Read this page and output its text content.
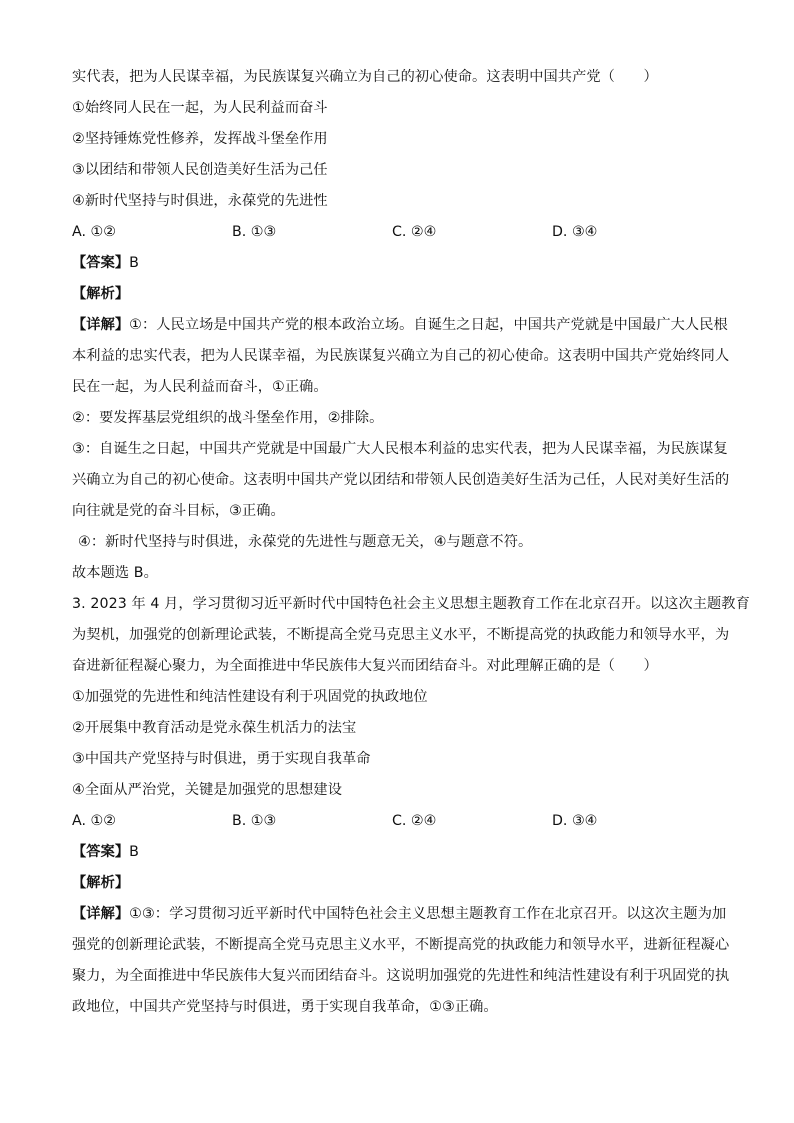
实代表，把为人民谋幸福，为民族谋复兴确立为自己的初心使命。这表明中国共产党（　　）
①始终同人民在一起，为人民利益而奋斗
②坚持锤炼党性修养，发挥战斗堡垒作用
③以团结和带领人民创造美好生活为己任
④新时代坚持与时俱进，永葆党的先进性
A. ①②	B. ①③	C. ②④	D. ③④
【答案】B
【解析】
【详解】①：人民立场是中国共产党的根本政治立场。自诞生之日起，中国共产党就是中国最广大人民根
本利益的忠实代表，把为人民谋幸福，为民族谋复兴确立为自己的初心使命。这表明中国共产党始终同人
民在一起，为人民利益而奋斗，①正确。
②：要发挥基层党组织的战斗堡垒作用，②排除。
③：自诞生之日起，中国共产党就是中国最广大人民根本利益的忠实代表，把为人民谋幸福，为民族谋复
兴确立为自己的初心使命。这表明中国共产党以团结和带领人民创造美好生活为己任，人民对美好生活的
向往就是党的奋斗目标，③正确。
④：新时代坚持与时俱进，永葆党的先进性与题意无关，④与题意不符。
故本题选 B。
3. 2023 年 4 月，学习贯彻习近平新时代中国特色社会主义思想主题教育工作在北京召开。以这次主题教育
为契机，加强党的创新理论武装，不断提高全党马克思主义水平，不断提高党的执政能力和领导水平，为
奋进新征程凝心聚力，为全面推进中华民族伟大复兴而团结奋斗。对此理解正确的是（　　）
①加强党的先进性和纯洁性建设有利于巩固党的执政地位
②开展集中教育活动是党永葆生机活力的法宝
③中国共产党坚持与时俱进，勇于实现自我革命
④全面从严治党，关键是加强党的思想建设
A. ①②	B. ①③	C. ②④	D. ③④
【答案】B
【解析】
【详解】①③：学习贯彻习近平新时代中国特色社会主义思想主题教育工作在北京召开。以这次主题为加
强党的创新理论武装，不断提高全党马克思主义水平，不断提高党的执政能力和领导水平，进新征程凝心
聚力，为全面推进中华民族伟大复兴而团结奋斗。这说明加强党的先进性和纯洁性建设有利于巩固党的执
政地位，中国共产党坚持与时俱进，勇于实现自我革命，①③正确。
